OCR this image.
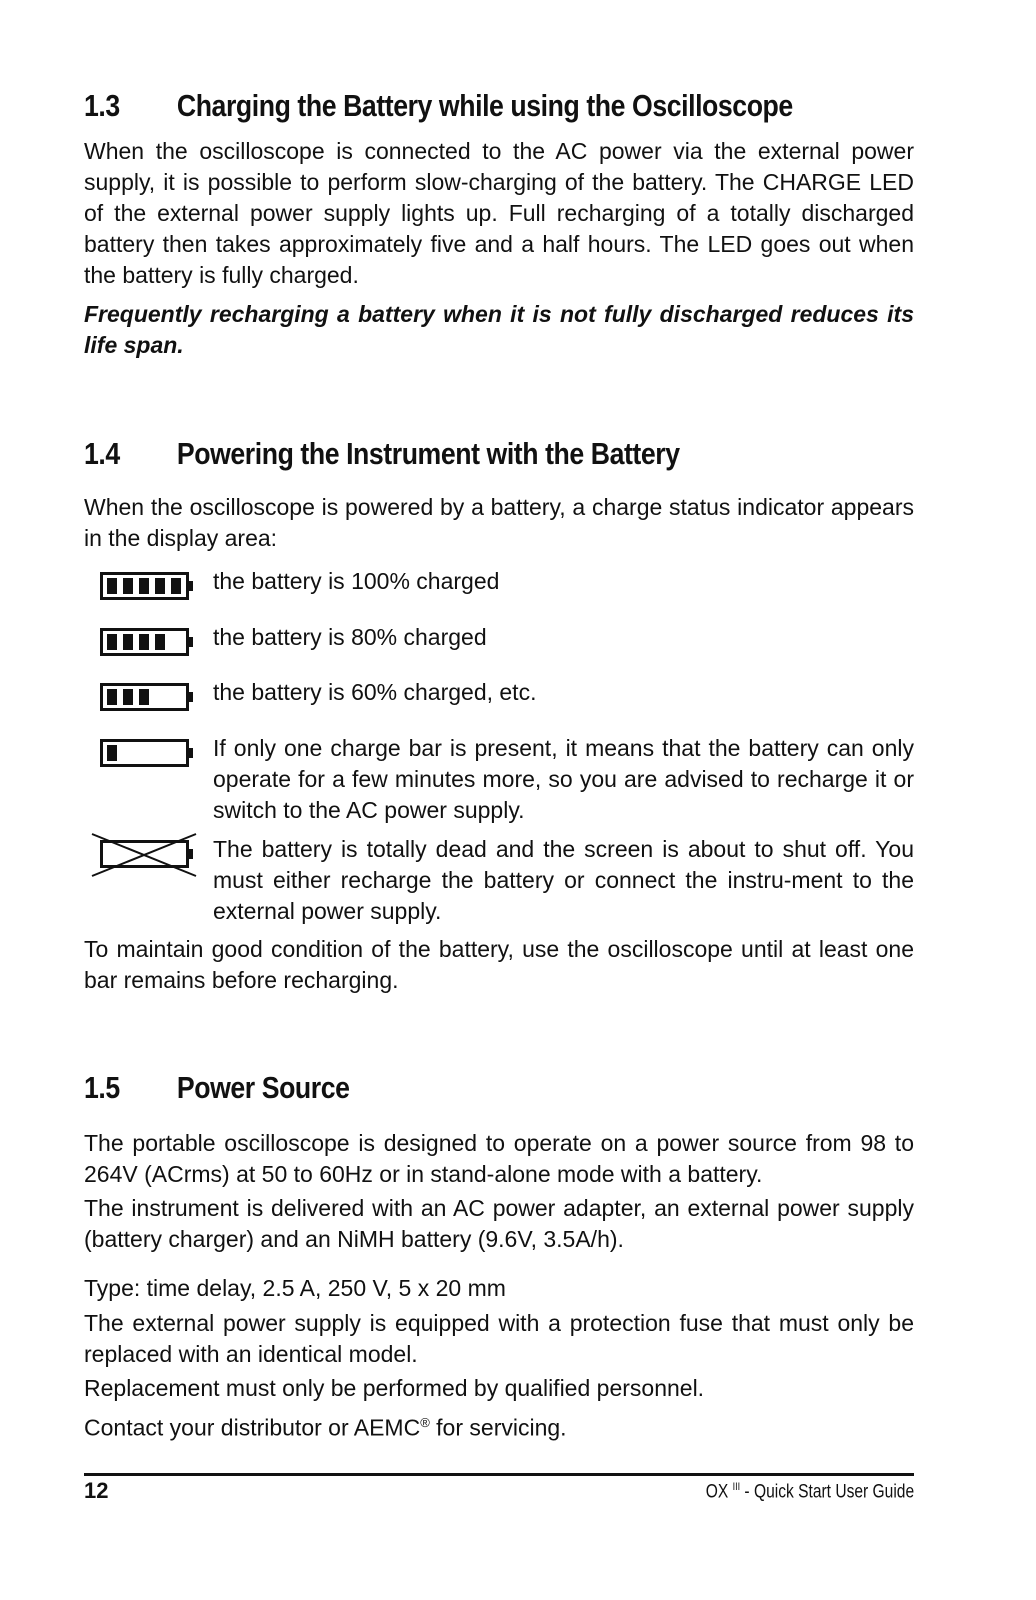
1.3 Charging the Battery while using the Oscilloscope

When the oscilloscope is connected to the AC power via the external power supply, it is possible to perform slow-charging of the battery. The CHARGE LED of the external power supply lights up. Full recharging of a totally discharged battery then takes approximately five and a half hours. The LED goes out when the battery is fully charged.

Frequently recharging a battery when it is not fully discharged reduces its life span.

1.4 Powering the Instrument with the Battery

When the oscilloscope is powered by a battery, a charge status indicator appears in the display area:

the battery is 100% charged
the battery is 80% charged
the battery is 60% charged, etc.
If only one charge bar is present, it means that the battery can only operate for a few minutes more, so you are advised to recharge it or switch to the AC power supply.
The battery is totally dead and the screen is about to shut off. You must either recharge the battery or connect the instru-ment to the external power supply.

To maintain good condition of the battery, use the oscilloscope until at least one bar remains before recharging.

1.5 Power Source

The portable oscilloscope is designed to operate on a power source from 98 to 264V (ACrms) at 50 to 60Hz or in stand-alone mode with a battery.

The instrument is delivered with an AC power adapter, an external power supply (battery charger) and an NiMH battery (9.6V, 3.5A/h).

Type: time delay, 2.5 A, 250 V, 5 x 20 mm

The external power supply is equipped with a protection fuse that must only be replaced with an identical model.

Replacement must only be performed by qualified personnel.

Contact your distributor or AEMC® for servicing.

12	OX $^{III}$ - Quick Start User Guide
